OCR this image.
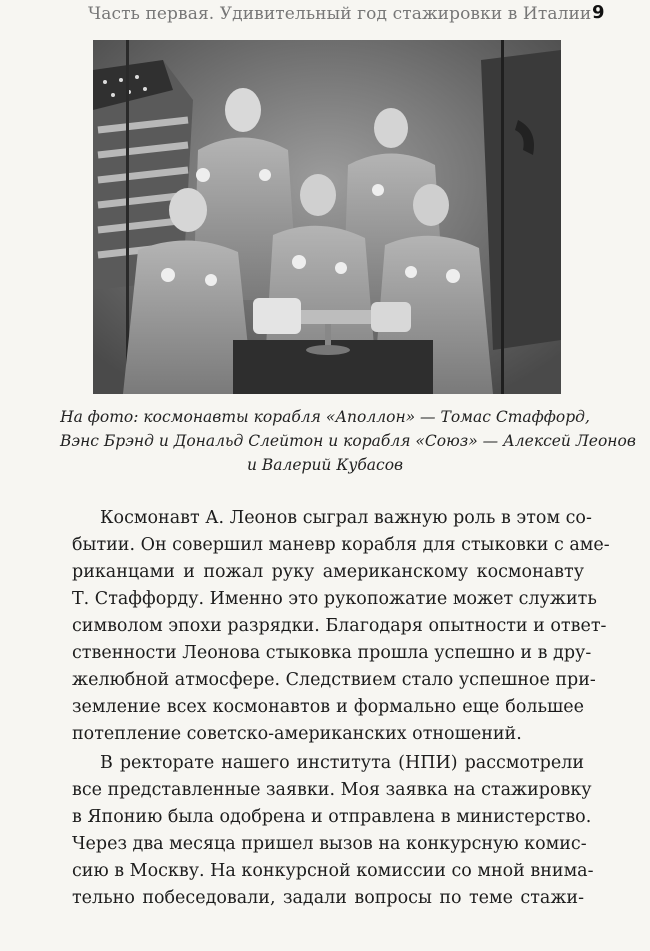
Часть первая. Удивительный год стажировки в Италии 9
На фото: космонавты корабля «Аполлон» — Томас Стаффорд,
Вэнс Брэнд и Дональд Слейтон и корабля «Союз» — Алексей Леонов
и Валерий Кубасов
Космонавт А. Леонов сыграл важную роль в этом со-
бытии. Он совершил маневр корабля для стыковки с аме-
риканцами и пожал руку американскому космонавту
Т. Стаффорду. Именно это рукопожатие может служить
символом эпохи разрядки. Благодаря опытности и ответ-
ственности Леонова стыковка прошла успешно и в дру-
желюбной атмосфере. Следствием стало успешное при-
земление всех космонавтов и формально еще большее
потепление советско-американских отношений.
В ректорате нашего института (НПИ) рассмотрели
все представленные заявки. Моя заявка на стажировку
в Японию была одобрена и отправлена в министерство.
Через два месяца пришел вызов на конкурсную комис-
сию в Москву. На конкурсной комиссии со мной внима-
тельно побеседовали, задали вопросы по теме стажи-
